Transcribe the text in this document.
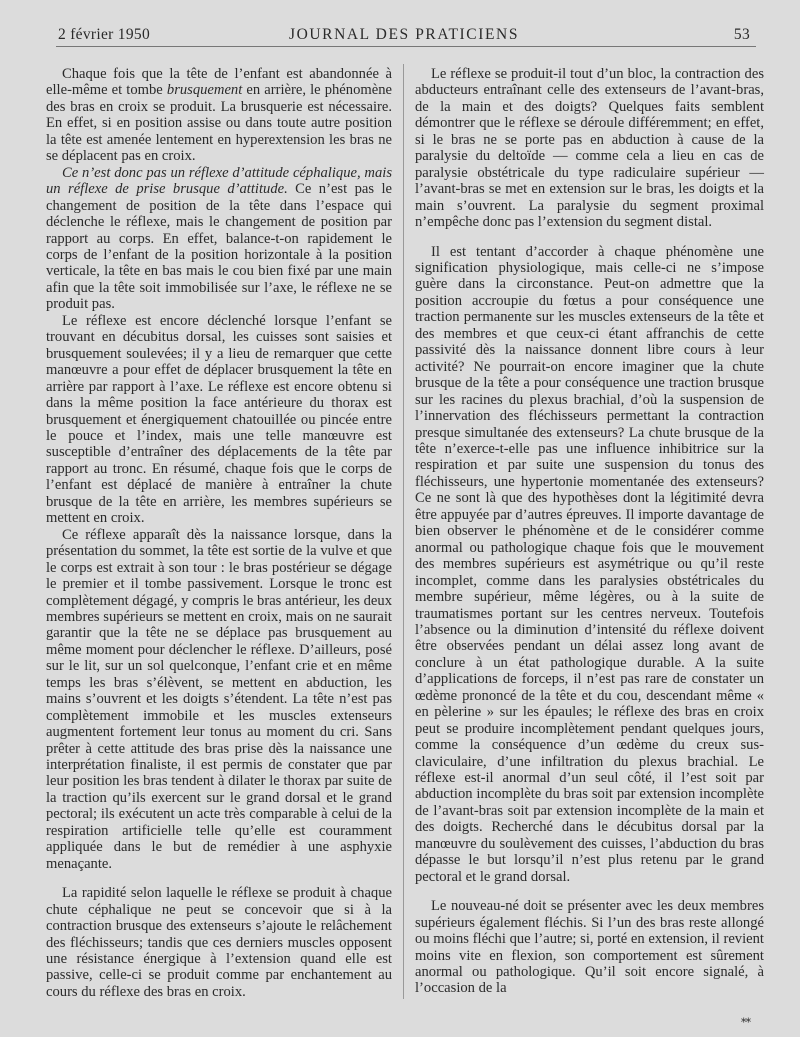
2 février 1950	JOURNAL DES PRATICIENS	53

Chaque fois que la tête de l’enfant est abandonnée à elle-même et tombe brusquement en arrière, le phénomène des bras en croix se produit. La brusquerie est nécessaire. En effet, si en position assise ou dans toute autre position la tête est amenée lentement en hyperextension les bras ne se déplacent pas en croix.

Ce n’est donc pas un réflexe d’attitude céphalique, mais un réflexe de prise brusque d’attitude. Ce n’est pas le changement de position de la tête dans l’espace qui déclenche le réflexe, mais le changement de position par rapport au corps. En effet, balance-t-on rapidement le corps de l’enfant de la position horizontale à la position verticale, la tête en bas mais le cou bien fixé par une main afin que la tête soit immobilisée sur l’axe, le réflexe ne se produit pas.

Le réflexe est encore déclenché lorsque l’enfant se trouvant en décubitus dorsal, les cuisses sont saisies et brusquement soulevées; il y a lieu de remarquer que cette manœuvre a pour effet de déplacer brusquement la tête en arrière par rapport à l’axe. Le réflexe est encore obtenu si dans la même position la face antérieure du thorax est brusquement et énergiquement chatouillée ou pincée entre le pouce et l’index, mais une telle manœuvre est susceptible d’entraîner des déplacements de la tête par rapport au tronc. En résumé, chaque fois que le corps de l’enfant est déplacé de manière à entraîner la chute brusque de la tête en arrière, les membres supérieurs se mettent en croix.

Ce réflexe apparaît dès la naissance lorsque, dans la présentation du sommet, la tête est sortie de la vulve et que le corps est extrait à son tour : le bras postérieur se dégage le premier et il tombe passivement. Lorsque le tronc est complètement dégagé, y compris le bras antérieur, les deux membres supérieurs se mettent en croix, mais on ne saurait garantir que la tête ne se déplace pas brusquement au même moment pour déclencher le réflexe. D’ailleurs, posé sur le lit, sur un sol quelconque, l’enfant crie et en même temps les bras s’élèvent, se mettent en abduction, les mains s’ouvrent et les doigts s’étendent. La tête n’est pas complètement immobile et les muscles extenseurs augmentent fortement leur tonus au moment du cri. Sans prêter à cette attitude des bras prise dès la naissance une interprétation finaliste, il est permis de constater que par leur position les bras tendent à dilater le thorax par suite de la traction qu’ils exercent sur le grand dorsal et le grand pectoral; ils exécutent un acte très comparable à celui de la respiration artificielle telle qu’elle est couramment appliquée dans le but de remédier à une asphyxie menaçante.

La rapidité selon laquelle le réflexe se produit à chaque chute céphalique ne peut se concevoir que si à la contraction brusque des extenseurs s’ajoute le relâchement des fléchisseurs; tandis que ces derniers muscles opposent une résistance énergique à l’extension quand elle est passive, celle-ci se produit comme par enchantement au cours du réflexe des bras en croix.

Le réflexe se produit-il tout d’un bloc, la contraction des abducteurs entraînant celle des extenseurs de l’avant-bras, de la main et des doigts? Quelques faits semblent démontrer que le réflexe se déroule différemment; en effet, si le bras ne se porte pas en abduction à cause de la paralysie du deltoïde — comme cela a lieu en cas de paralysie obstétricale du type radiculaire supérieur — l’avant-bras se met en extension sur le bras, les doigts et la main s’ouvrent. La paralysie du segment proximal n’empêche donc pas l’extension du segment distal.

Il est tentant d’accorder à chaque phénomène une signification physiologique, mais celle-ci ne s’impose guère dans la circonstance. Peut-on admettre que la position accroupie du fœtus a pour conséquence une traction permanente sur les muscles extenseurs de la tête et des membres et que ceux-ci étant affranchis de cette passivité dès la naissance donnent libre cours à leur activité? Ne pourrait-on encore imaginer que la chute brusque de la tête a pour conséquence une traction brusque sur les racines du plexus brachial, d’où la suspension de l’innervation des fléchisseurs permettant la contraction presque simultanée des extenseurs? La chute brusque de la tête n’exerce-t-elle pas une influence inhibitrice sur la respiration et par suite une suspension du tonus des fléchisseurs, une hypertonie momentanée des extenseurs? Ce ne sont là que des hypothèses dont la légitimité devra être appuyée par d’autres épreuves. Il importe davantage de bien observer le phénomène et de le considérer comme anormal ou pathologique chaque fois que le mouvement des membres supérieurs est asymétrique ou qu’il reste incomplet, comme dans les paralysies obstétricales du membre supérieur, même légères, ou à la suite de traumatismes portant sur les centres nerveux. Toutefois l’absence ou la diminution d’intensité du réflexe doivent être observées pendant un délai assez long avant de conclure à un état pathologique durable. A la suite d’applications de forceps, il n’est pas rare de constater un œdème prononcé de la tête et du cou, descendant même « en pèlerine » sur les épaules; le réflexe des bras en croix peut se produire incomplètement pendant quelques jours, comme la conséquence d’un œdème du creux sus-claviculaire, d’une infiltration du plexus brachial. Le réflexe est-il anormal d’un seul côté, il l’est soit par abduction incomplète du bras soit par extension incomplète de l’avant-bras soit par extension incomplète de la main et des doigts. Recherché dans le décubitus dorsal par la manœuvre du soulèvement des cuisses, l’abduction du bras dépasse le but lorsqu’il n’est plus retenu par le grand pectoral et le grand dorsal.

Le nouveau-né doit se présenter avec les deux membres supérieurs également fléchis. Si l’un des bras reste allongé ou moins fléchi que l’autre; si, porté en extension, il revient moins vite en flexion, son comportement est sûrement anormal ou pathologique. Qu’il soit encore signalé, à l’occasion de la

**
